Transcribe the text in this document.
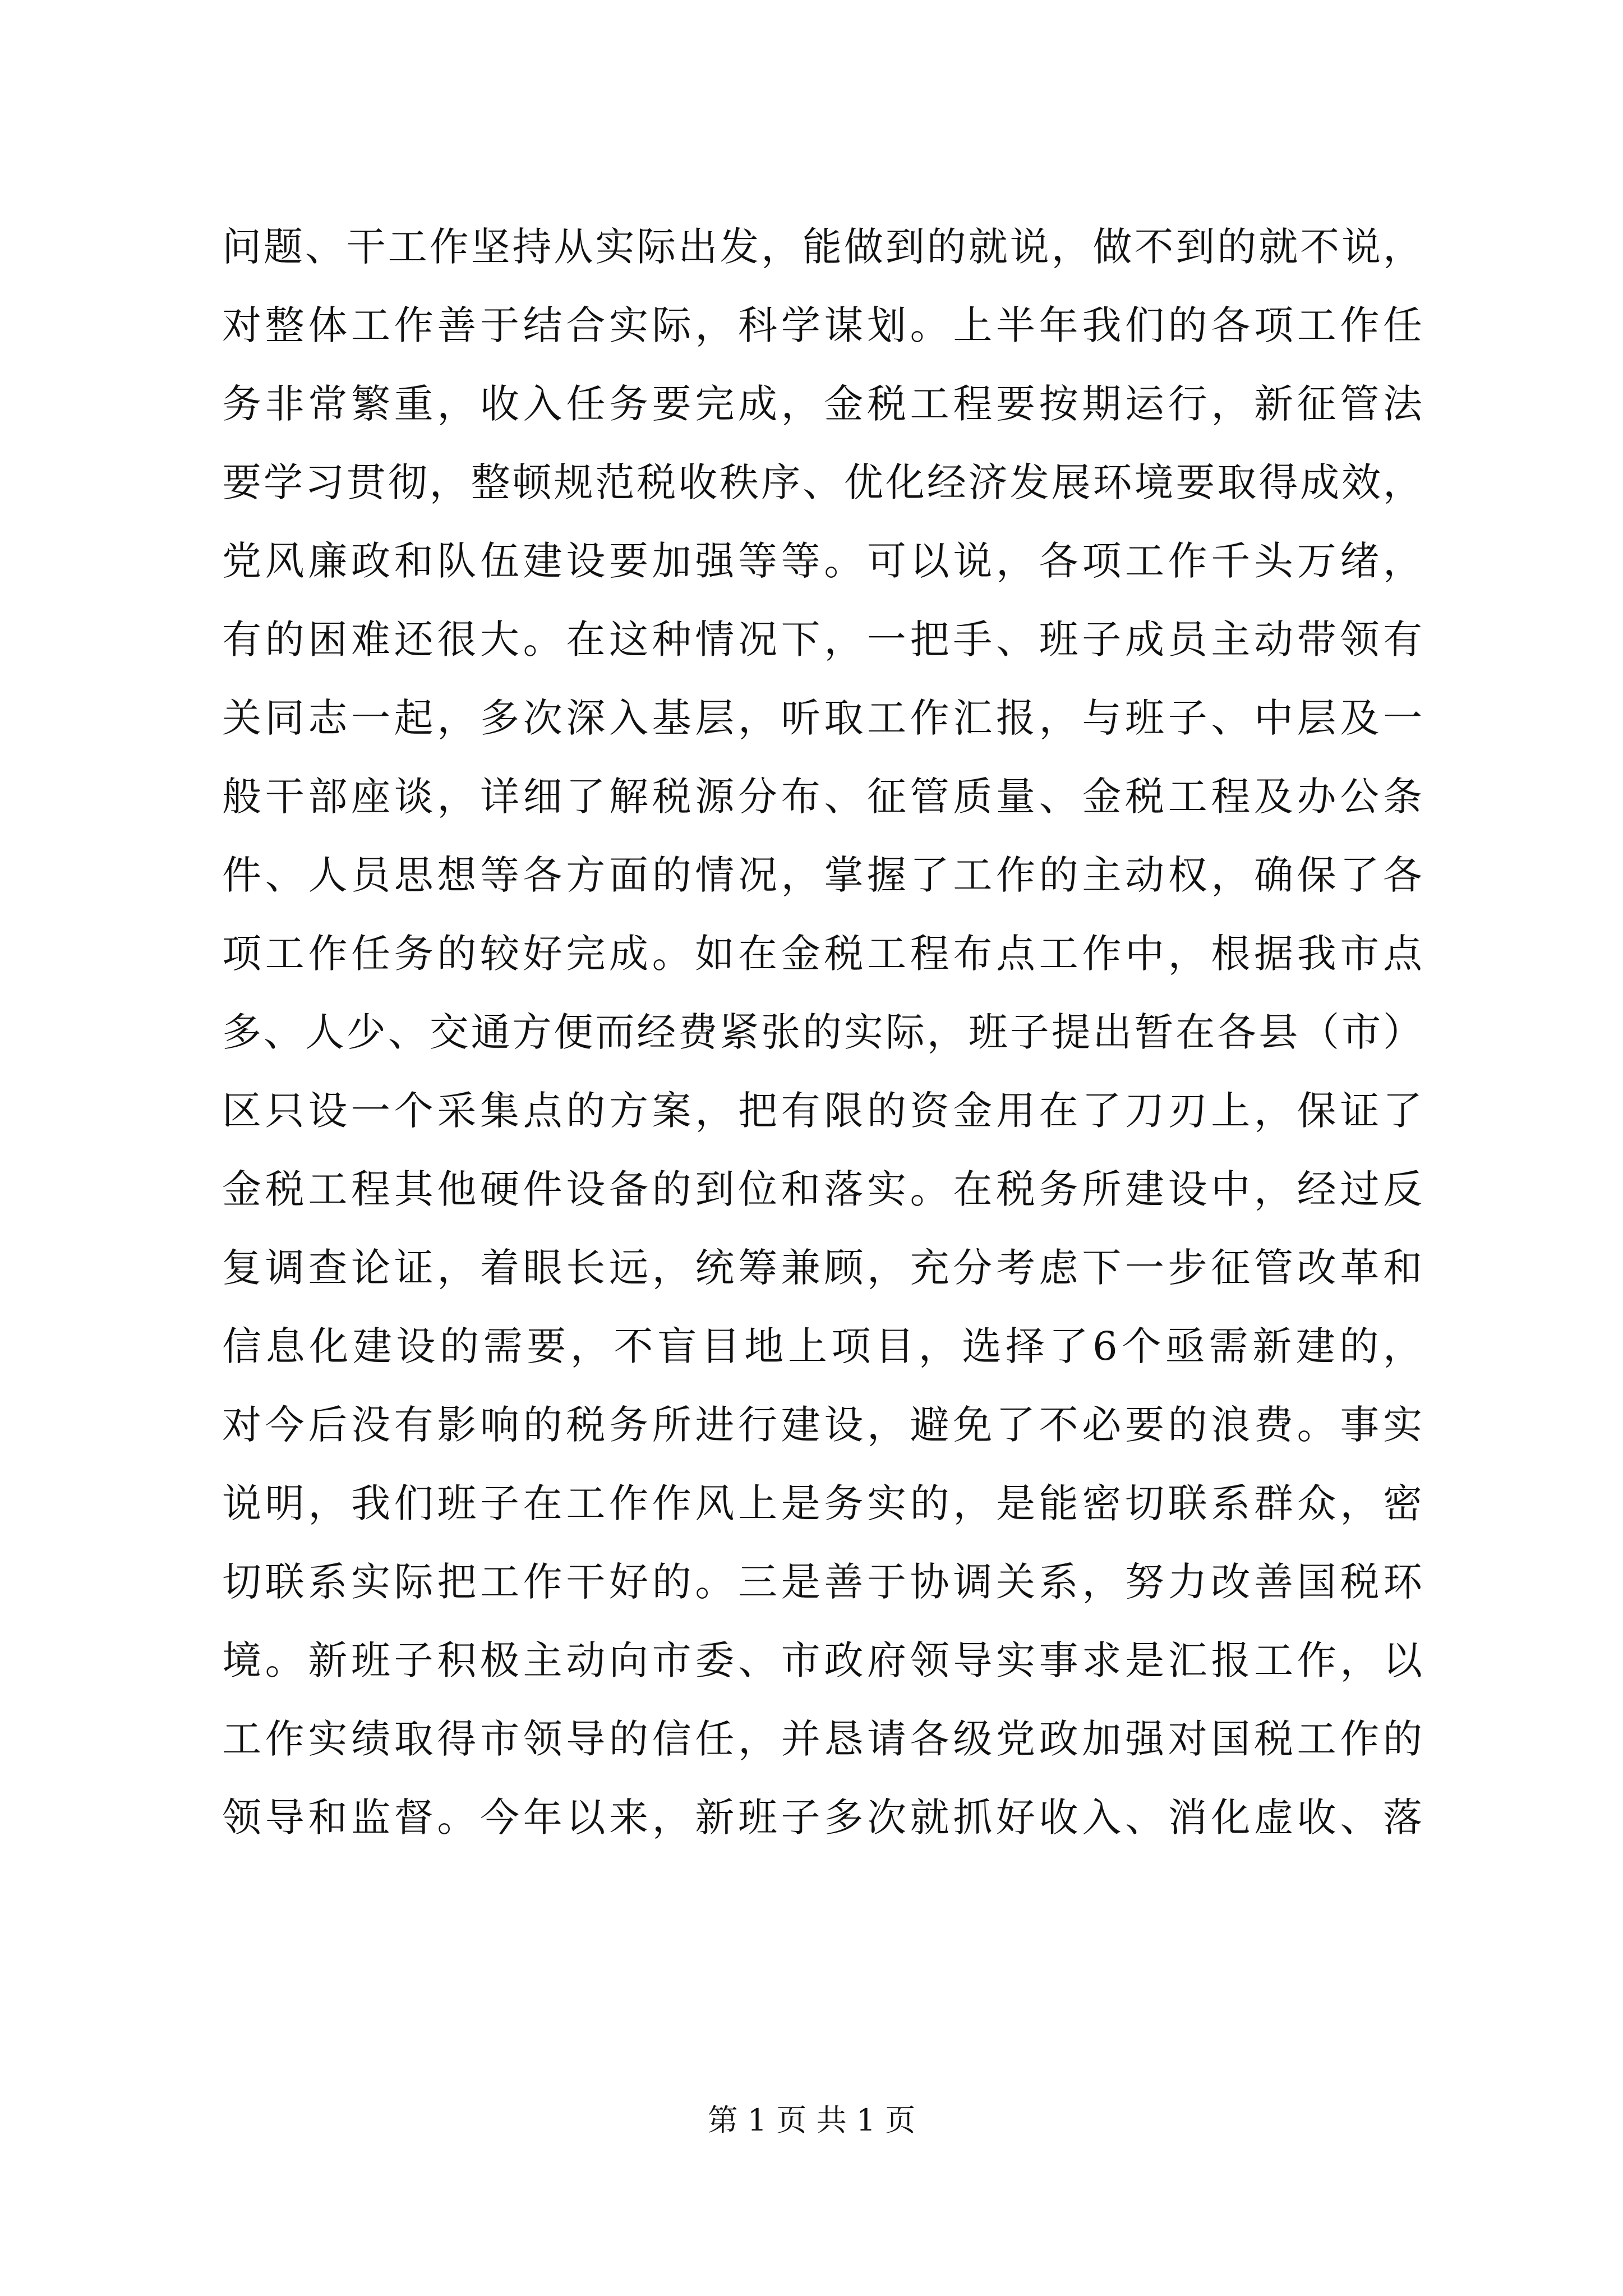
问题、干工作坚持从实际出发，能做到的就说，做不到的就不说，
对整体工作善于结合实际，科学谋划。上半年我们的各项工作任
务非常繁重，收入任务要完成，金税工程要按期运行，新征管法
要学习贯彻，整顿规范税收秩序、优化经济发展环境要取得成效，
党风廉政和队伍建设要加强等等。可以说，各项工作千头万绪，
有的困难还很大。在这种情况下，一把手、班子成员主动带领有
关同志一起，多次深入基层，听取工作汇报，与班子、中层及一
般干部座谈，详细了解税源分布、征管质量、金税工程及办公条
件、人员思想等各方面的情况，掌握了工作的主动权，确保了各
项工作任务的较好完成。如在金税工程布点工作中，根据我市点
多、人少、交通方便而经费紧张的实际，班子提出暂在各县（市）
区只设一个采集点的方案，把有限的资金用在了刀刃上，保证了
金税工程其他硬件设备的到位和落实。在税务所建设中，经过反
复调查论证，着眼长远，统筹兼顾，充分考虑下一步征管改革和
信息化建设的需要，不盲目地上项目，选择了6个亟需新建的，
对今后没有影响的税务所进行建设，避免了不必要的浪费。事实
说明，我们班子在工作作风上是务实的，是能密切联系群众，密
切联系实际把工作干好的。三是善于协调关系，努力改善国税环
境。新班子积极主动向市委、市政府领导实事求是汇报工作，以
工作实绩取得市领导的信任，并恳请各级党政加强对国税工作的
领导和监督。今年以来，新班子多次就抓好收入、消化虚收、落
第 1 页 共 1 页
